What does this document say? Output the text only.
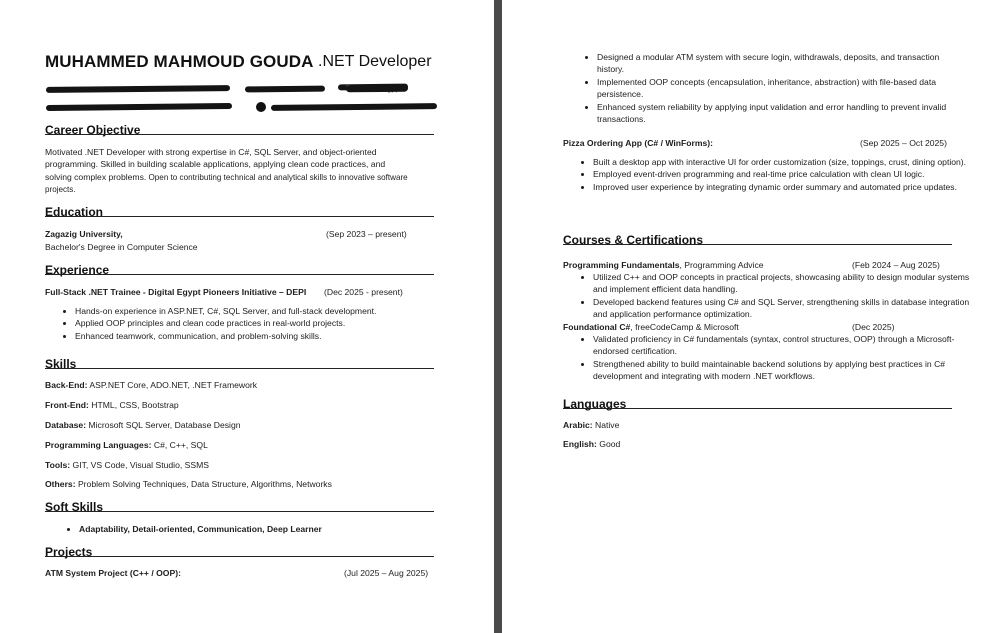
MUHAMMED MAHMOUD GOUDA .NET Developer
Career Objective
Motivated .NET Developer with strong expertise in C#, SQL Server, and object-oriented
programming. Skilled in building scalable applications, applying clean code practices, and
solving complex problems. Open to contributing technical and analytical skills to innovative software
projects.
Education
Zagazig University,	(Sep 2023 – present)
Bachelor's Degree in Computer Science
Experience
Full-Stack .NET Trainee - Digital Egypt Pioneers Initiative – DEPI (Dec 2025 - present)
• Hands-on experience in ASP.NET, C#, SQL Server, and full-stack development.
• Applied OOP principles and clean code practices in real-world projects.
• Enhanced teamwork, communication, and problem-solving skills.
Skills
Back-End: ASP.NET Core, ADO.NET, .NET Framework
Front-End: HTML, CSS, Bootstrap
Database: Microsoft SQL Server, Database Design
Programming Languages: C#, C++, SQL
Tools: GIT, VS Code, Visual Studio, SSMS
Others: Problem Solving Techniques, Data Structure, Algorithms, Networks
Soft Skills
• Adaptability, Detail-oriented, Communication, Deep Learner
Projects
ATM System Project (C++ / OOP):	(Jul 2025 – Aug 2025)
• Designed a modular ATM system with secure login, withdrawals, deposits, and transaction history.
• Implemented OOP concepts (encapsulation, inheritance, abstraction) with file-based data persistence.
• Enhanced system reliability by applying input validation and error handling to prevent invalid transactions.
Pizza Ordering App (C# / WinForms):	(Sep 2025 – Oct 2025)
• Built a desktop app with interactive UI for order customization (size, toppings, crust, dining option).
• Employed event-driven programming and real-time price calculation with clean UI logic.
• Improved user experience by integrating dynamic order summary and automated price updates.
Courses & Certifications
Programming Fundamentals, Programming Advice	(Feb 2024 – Aug 2025)
• Utilized C++ and OOP concepts in practical projects, showcasing ability to design modular systems and implement efficient data handling.
• Developed backend features using C# and SQL Server, strengthening skills in database integration and application performance optimization.
Foundational C#, freeCodeCamp & Microsoft	(Dec 2025)
• Validated proficiency in C# fundamentals (syntax, control structures, OOP) through a Microsoft-endorsed certification.
• Strengthened ability to build maintainable backend solutions by applying best practices in C# development and integrating with modern .NET workflows.
Languages
Arabic: Native
English: Good
